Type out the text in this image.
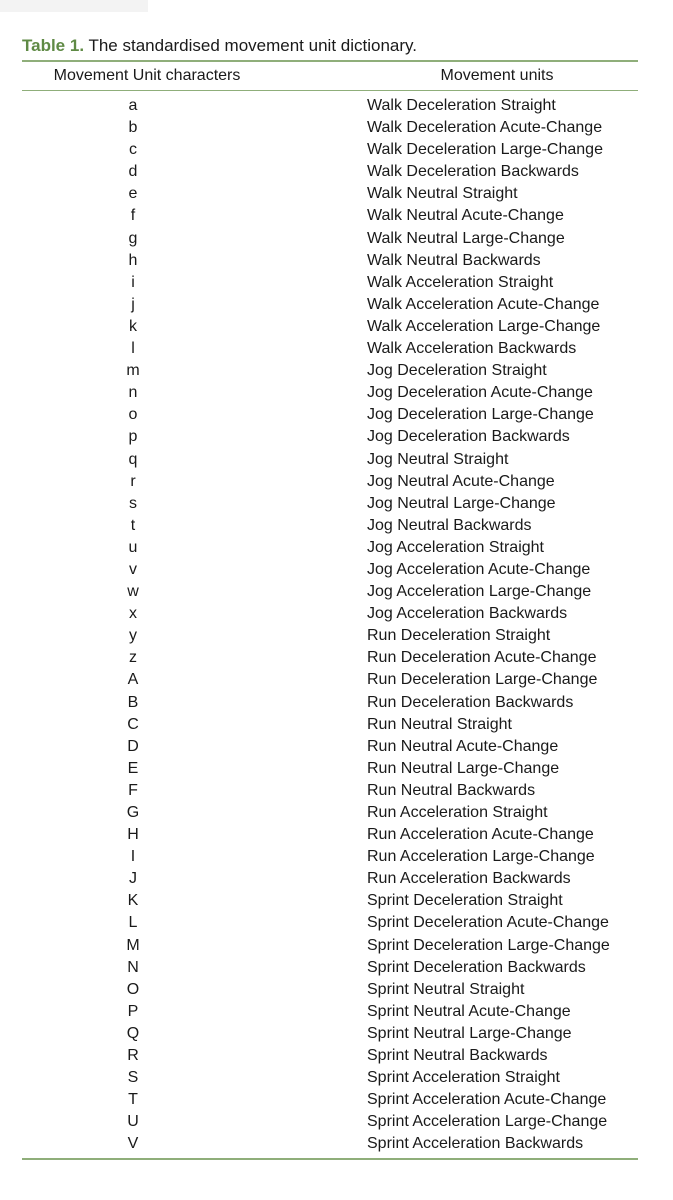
Table 1. The standardised movement unit dictionary.
Movement Unit characters	Movement units
a	Walk Deceleration Straight
b	Walk Deceleration Acute-Change
c	Walk Deceleration Large-Change
d	Walk Deceleration Backwards
e	Walk Neutral Straight
f	Walk Neutral Acute-Change
g	Walk Neutral Large-Change
h	Walk Neutral Backwards
i	Walk Acceleration Straight
j	Walk Acceleration Acute-Change
k	Walk Acceleration Large-Change
l	Walk Acceleration Backwards
m	Jog Deceleration Straight
n	Jog Deceleration Acute-Change
o	Jog Deceleration Large-Change
p	Jog Deceleration Backwards
q	Jog Neutral Straight
r	Jog Neutral Acute-Change
s	Jog Neutral Large-Change
t	Jog Neutral Backwards
u	Jog Acceleration Straight
v	Jog Acceleration Acute-Change
w	Jog Acceleration Large-Change
x	Jog Acceleration Backwards
y	Run Deceleration Straight
z	Run Deceleration Acute-Change
A	Run Deceleration Large-Change
B	Run Deceleration Backwards
C	Run Neutral Straight
D	Run Neutral Acute-Change
E	Run Neutral Large-Change
F	Run Neutral Backwards
G	Run Acceleration Straight
H	Run Acceleration Acute-Change
I	Run Acceleration Large-Change
J	Run Acceleration Backwards
K	Sprint Deceleration Straight
L	Sprint Deceleration Acute-Change
M	Sprint Deceleration Large-Change
N	Sprint Deceleration Backwards
O	Sprint Neutral Straight
P	Sprint Neutral Acute-Change
Q	Sprint Neutral Large-Change
R	Sprint Neutral Backwards
S	Sprint Acceleration Straight
T	Sprint Acceleration Acute-Change
U	Sprint Acceleration Large-Change
V	Sprint Acceleration Backwards
